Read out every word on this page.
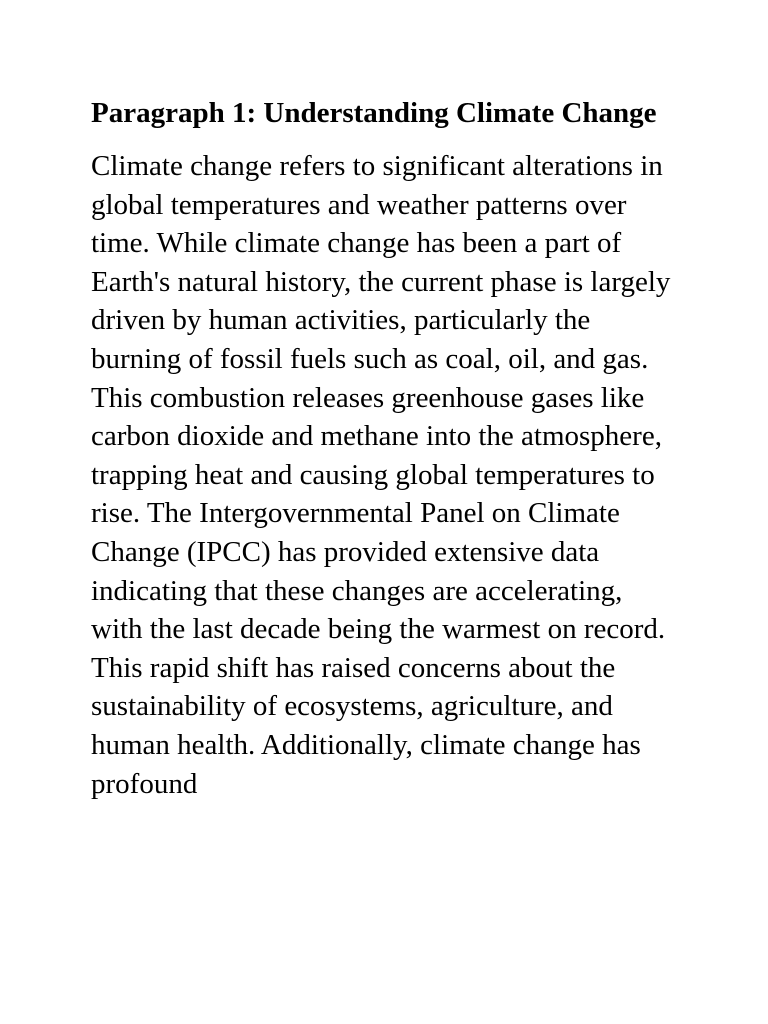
Paragraph 1: Understanding Climate Change

Climate change refers to significant alterations in global temperatures and weather patterns over time. While climate change has been a part of Earth's natural history, the current phase is largely driven by human activities, particularly the burning of fossil fuels such as coal, oil, and gas. This combustion releases greenhouse gases like carbon dioxide and methane into the atmosphere, trapping heat and causing global temperatures to rise. The Intergovernmental Panel on Climate Change (IPCC) has provided extensive data indicating that these changes are accelerating, with the last decade being the warmest on record. This rapid shift has raised concerns about the sustainability of ecosystems, agriculture, and human health. Additionally, climate change has profound
